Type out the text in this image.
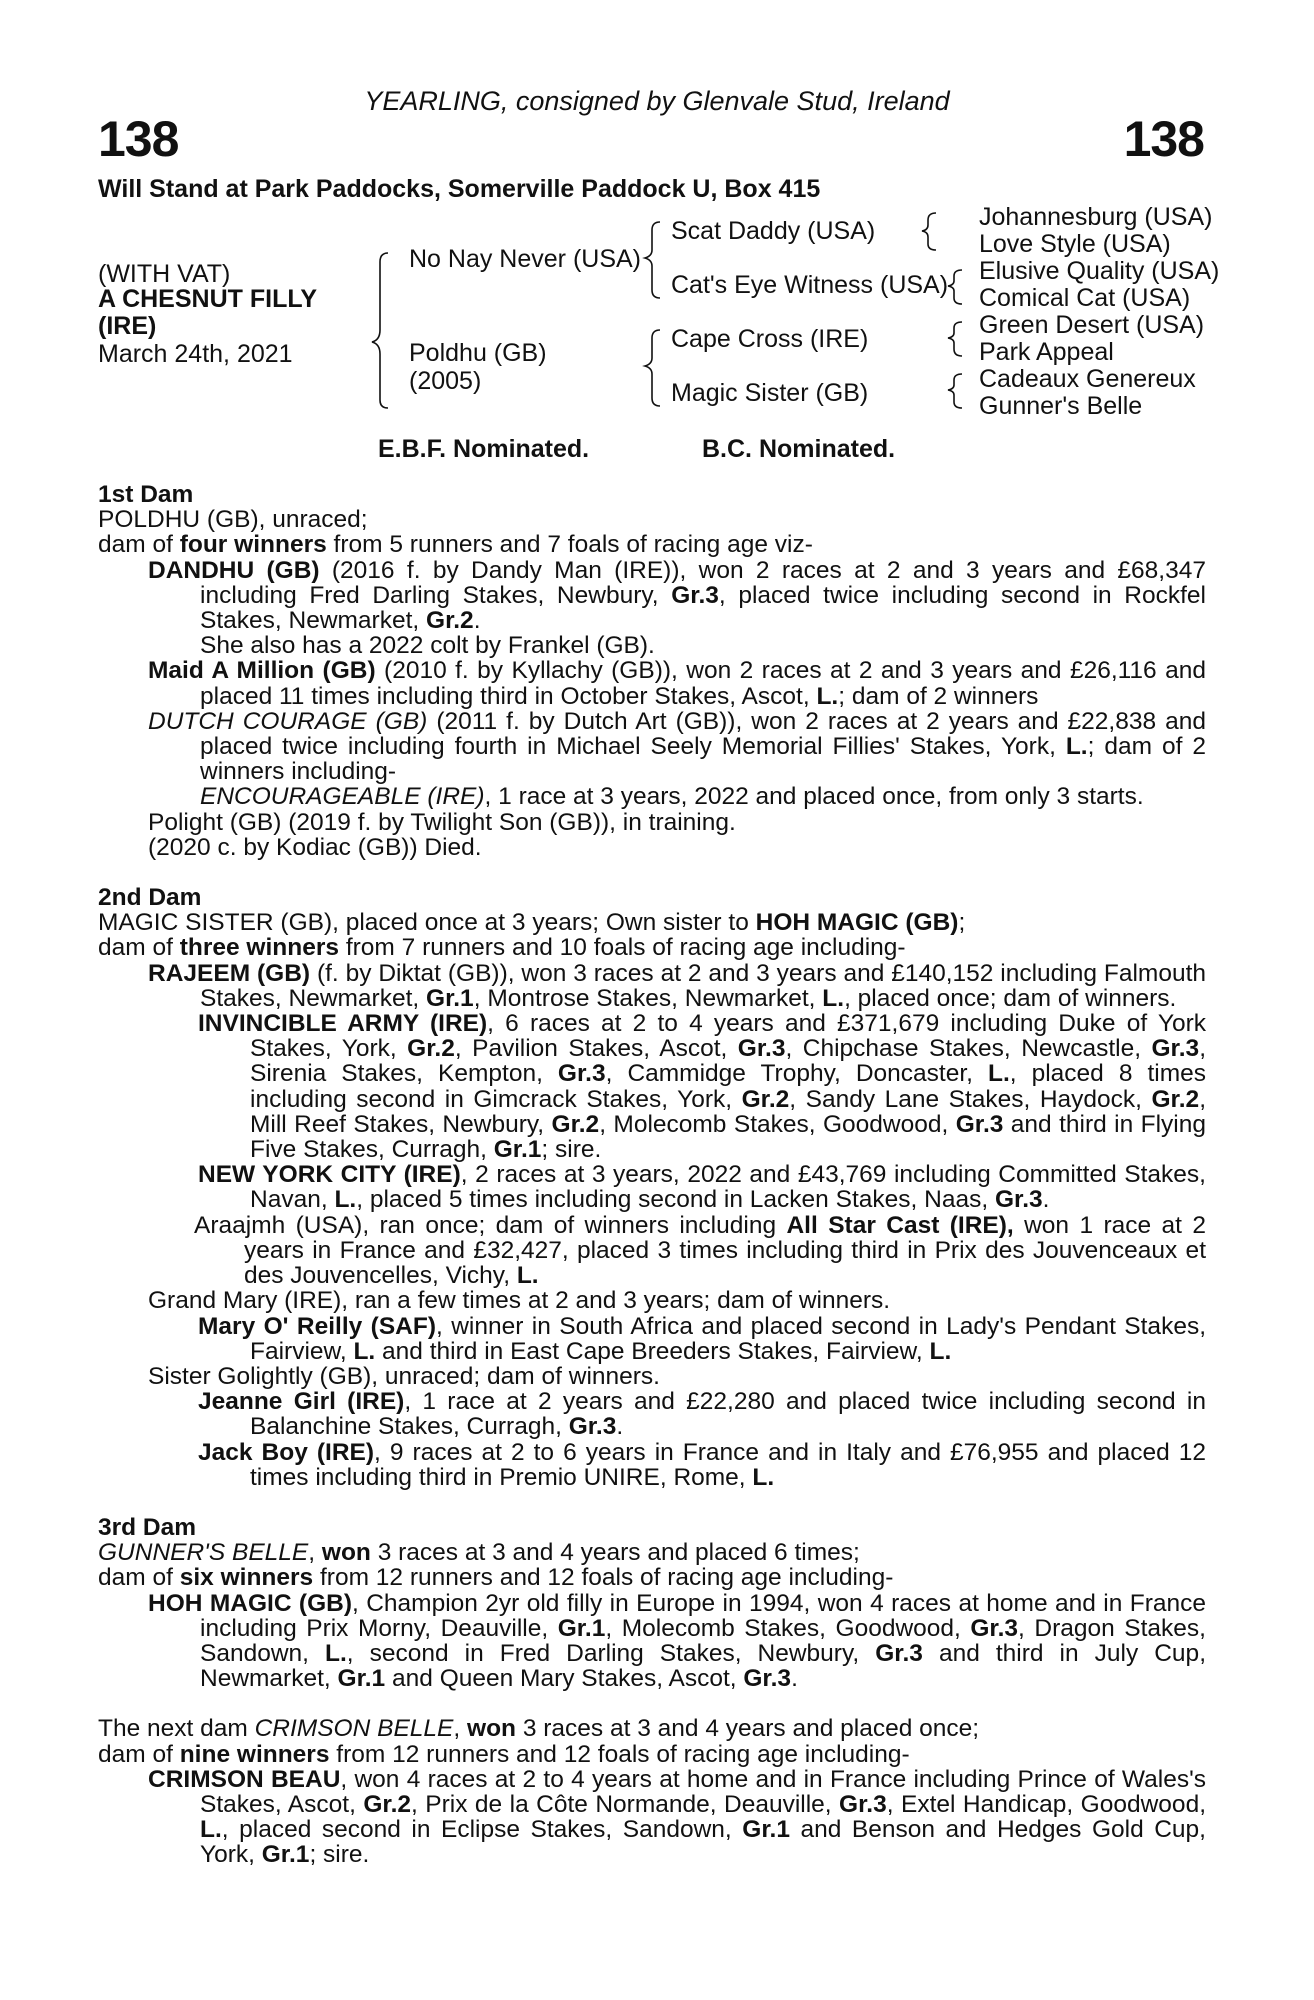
YEARLING, consigned by Glenvale Stud, Ireland
138	138
Will Stand at Park Paddocks, Somerville Paddock U, Box 415
(WITH VAT)
A CHESNUT FILLY
(IRE)
March 24th, 2021
No Nay Never (USA)
Poldhu (GB)
(2005)
Scat Daddy (USA)
Cat's Eye Witness (USA)
Cape Cross (IRE)
Magic Sister (GB)
Johannesburg (USA)
Love Style (USA)
Elusive Quality (USA)
Comical Cat (USA)
Green Desert (USA)
Park Appeal
Cadeaux Genereux
Gunner's Belle
E.B.F. Nominated.	B.C. Nominated.

1st Dam

POLDHU (GB), unraced;

dam of four winners from 5 runners and 7 foals of racing age viz-

DANDHU (GB) (2016 f. by Dandy Man (IRE)), won 2 races at 2 and 3 years and £68,347 including Fred Darling Stakes, Newbury, Gr.3, placed twice including second in Rockfel Stakes, Newmarket, Gr.2.

She also has a 2022 colt by Frankel (GB).

Maid A Million (GB) (2010 f. by Kyllachy (GB)), won 2 races at 2 and 3 years and £26,116 and placed 11 times including third in October Stakes, Ascot, L.; dam of 2 winners

DUTCH COURAGE (GB) (2011 f. by Dutch Art (GB)), won 2 races at 2 years and £22,838 and placed twice including fourth in Michael Seely Memorial Fillies' Stakes, York, L.; dam of 2 winners including-

ENCOURAGEABLE (IRE), 1 race at 3 years, 2022 and placed once, from only 3 starts.

Polight (GB) (2019 f. by Twilight Son (GB)), in training.

(2020 c. by Kodiac (GB)) Died.

2nd Dam

MAGIC SISTER (GB), placed once at 3 years; Own sister to HOH MAGIC (GB);

dam of three winners from 7 runners and 10 foals of racing age including-

RAJEEM (GB) (f. by Diktat (GB)), won 3 races at 2 and 3 years and £140,152 including Falmouth Stakes, Newmarket, Gr.1, Montrose Stakes, Newmarket, L., placed once; dam of winners.

INVINCIBLE ARMY (IRE), 6 races at 2 to 4 years and £371,679 including Duke of York Stakes, York, Gr.2, Pavilion Stakes, Ascot, Gr.3, Chipchase Stakes, Newcastle, Gr.3, Sirenia Stakes, Kempton, Gr.3, Cammidge Trophy, Doncaster, L., placed 8 times including second in Gimcrack Stakes, York, Gr.2, Sandy Lane Stakes, Haydock, Gr.2, Mill Reef Stakes, Newbury, Gr.2, Molecomb Stakes, Goodwood, Gr.3 and third in Flying Five Stakes, Curragh, Gr.1; sire.

NEW YORK CITY (IRE), 2 races at 3 years, 2022 and £43,769 including Committed Stakes, Navan, L., placed 5 times including second in Lacken Stakes, Naas, Gr.3.

Araajmh (USA), ran once; dam of winners including All Star Cast (IRE), won 1 race at 2 years in France and £32,427, placed 3 times including third in Prix des Jouvenceaux et des Jouvencelles, Vichy, L.

Grand Mary (IRE), ran a few times at 2 and 3 years; dam of winners.

Mary O' Reilly (SAF), winner in South Africa and placed second in Lady's Pendant Stakes, Fairview, L. and third in East Cape Breeders Stakes, Fairview, L.

Sister Golightly (GB), unraced; dam of winners.

Jeanne Girl (IRE), 1 race at 2 years and £22,280 and placed twice including second in Balanchine Stakes, Curragh, Gr.3.

Jack Boy (IRE), 9 races at 2 to 6 years in France and in Italy and £76,955 and placed 12 times including third in Premio UNIRE, Rome, L.

3rd Dam

GUNNER'S BELLE, won 3 races at 3 and 4 years and placed 6 times;

dam of six winners from 12 runners and 12 foals of racing age including-

HOH MAGIC (GB), Champion 2yr old filly in Europe in 1994, won 4 races at home and in France including Prix Morny, Deauville, Gr.1, Molecomb Stakes, Goodwood, Gr.3, Dragon Stakes, Sandown, L., second in Fred Darling Stakes, Newbury, Gr.3 and third in July Cup, Newmarket, Gr.1 and Queen Mary Stakes, Ascot, Gr.3.

The next dam CRIMSON BELLE, won 3 races at 3 and 4 years and placed once;

dam of nine winners from 12 runners and 12 foals of racing age including-

CRIMSON BEAU, won 4 races at 2 to 4 years at home and in France including Prince of Wales's Stakes, Ascot, Gr.2, Prix de la Côte Normande, Deauville, Gr.3, Extel Handicap, Goodwood, L., placed second in Eclipse Stakes, Sandown, Gr.1 and Benson and Hedges Gold Cup, York, Gr.1; sire.
